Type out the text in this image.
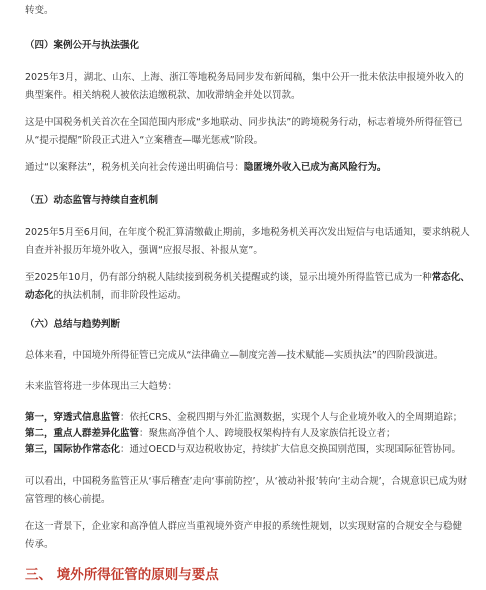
转变。

（四）案例公开与执法强化

2025年3月，湖北、山东、上海、浙江等地税务局同步发布新闻稿，集中公开一批未依法申报境外收入的典型案件。相关纳税人被依法追缴税款、加收滞纳金并处以罚款。

这是中国税务机关首次在全国范围内形成“多地联动、同步执法”的跨境税务行动，标志着境外所得征管已从“提示提醒”阶段正式进入“立案稽查—曝光惩戒”阶段。

通过“以案释法”，税务机关向社会传递出明确信号：隐匿境外收入已成为高风险行为。

（五）动态监管与持续自查机制

2025年5月至6月间，在年度个税汇算清缴截止期前，多地税务机关再次发出短信与电话通知，要求纳税人自查并补报历年境外收入，强调“应报尽报、补报从宽”。

至2025年10月，仍有部分纳税人陆续接到税务机关提醒或约谈，显示出境外所得监管已成为一种常态化、动态化的执法机制，而非阶段性运动。

（六）总结与趋势判断

总体来看，中国境外所得征管已完成从“法律确立—制度完善—技术赋能—实质执法”的四阶段演进。

未来监管将进一步体现出三大趋势：

第一，穿透式信息监管：依托CRS、金税四期与外汇监测数据，实现个人与企业境外收入的全周期追踪；

第二，重点人群差异化监管：聚焦高净值个人、跨境股权架构持有人及家族信托设立者；

第三，国际协作常态化：通过OECD与双边税收协定，持续扩大信息交换国别范围，实现国际征管协同。

可以看出，中国税务监管正从‘事后稽查’走向‘事前防控’，从‘被动补报’转向‘主动合规’，合规意识已成为财富管理的核心前提。

在这一背景下，企业家和高净值人群应当重视境外资产申报的系统性规划，以实现财富的合规安全与稳健传承。

三、 境外所得征管的原则与要点
